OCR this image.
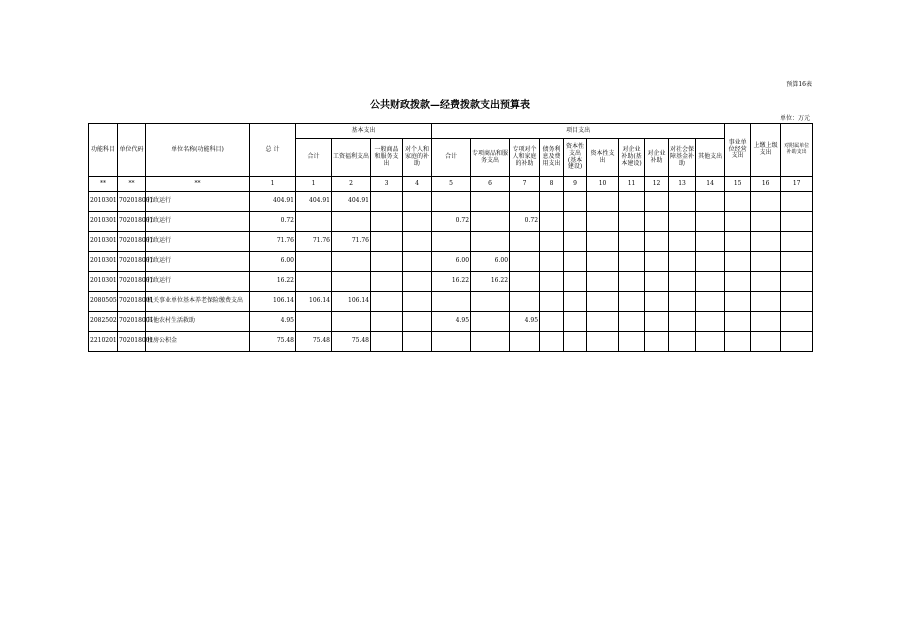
预算16表
公共财政拨款—经费拨款支出预算表
单位：万元
功能科目	单位代码	单位名称(功能科目)	总 计	基本支出				项目支出										事业单位经营支出	上缴上级支出	对附属单位补助支出
				合计	工资福利支出	一般商品和服务支出	对个人和家庭的补助	合计	专项商品和服务支出	专项对个人和家庭的补助	债务利息及费用支出	资本性支出(基本建设)	资本性支出	对企业补助(基本建设)	对企业补助	对社会保障基金补助	其他支出			
**	**	**	1	1	2	3	4	5	6	7	8	9	10	11	12	13	14	15	16	17
2010301	702018001	行政运行	404.91	404.91	404.91															
2010301	702018001	行政运行	0.72					0.72		0.72										
2010301	702018001	行政运行	71.76	71.76	71.76															
2010301	702018001	行政运行	6.00					6.00	6.00											
2010301	702018001	行政运行	16.22					16.22	16.22											
2080505	702018001	机关事业单位基本养老保险缴费支出	106.14	106.14	106.14															
2082502	702018001	其他农村生活救助	4.95					4.95		4.95										
2210201	702018001	住房公积金	75.48	75.48	75.48															
